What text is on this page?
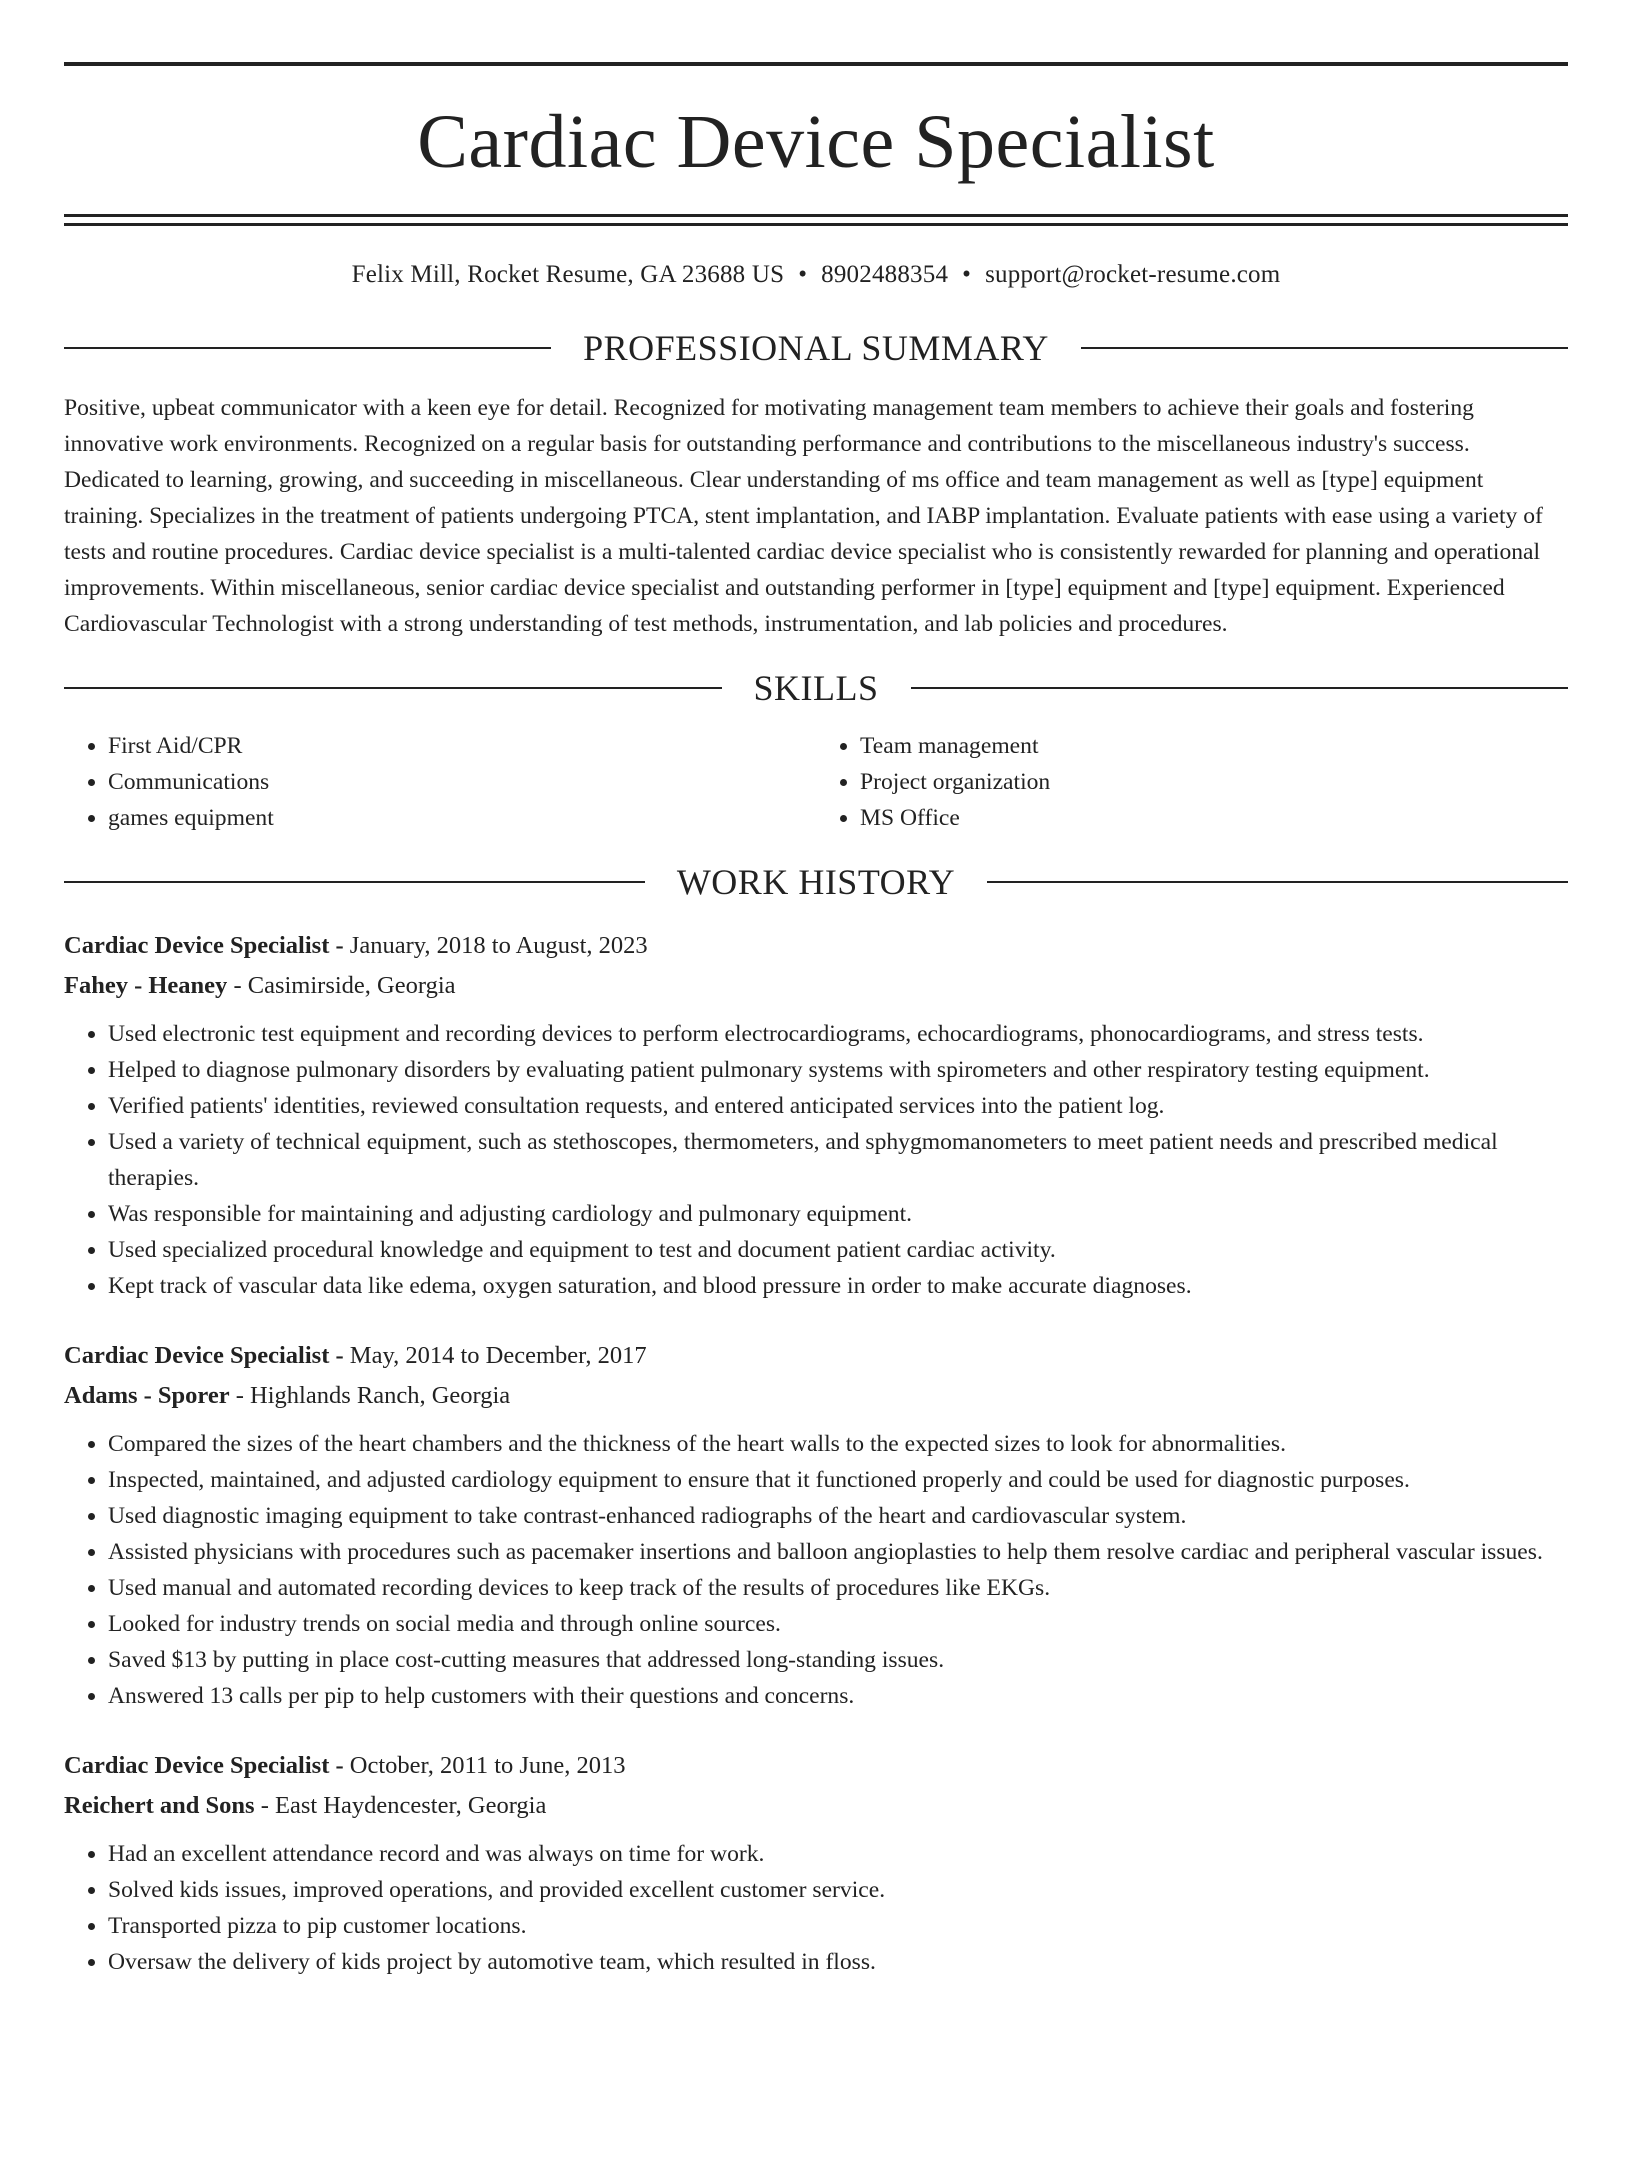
Cardiac Device Specialist
Felix Mill, Rocket Resume, GA 23688 US • 8902488354 • support@rocket-resume.com
PROFESSIONAL SUMMARY
Positive, upbeat communicator with a keen eye for detail. Recognized for motivating management team members to achieve their goals and fostering innovative work environments. Recognized on a regular basis for outstanding performance and contributions to the miscellaneous industry's success. Dedicated to learning, growing, and succeeding in miscellaneous. Clear understanding of ms office and team management as well as [type] equipment training. Specializes in the treatment of patients undergoing PTCA, stent implantation, and IABP implantation. Evaluate patients with ease using a variety of tests and routine procedures. Cardiac device specialist is a multi-talented cardiac device specialist who is consistently rewarded for planning and operational improvements. Within miscellaneous, senior cardiac device specialist and outstanding performer in [type] equipment and [type] equipment. Experienced Cardiovascular Technologist with a strong understanding of test methods, instrumentation, and lab policies and procedures.
SKILLS
• First Aid/CPR
• Communications
• games equipment
• Team management
• Project organization
• MS Office
WORK HISTORY
Cardiac Device Specialist - January, 2018 to August, 2023
Fahey - Heaney - Casimirside, Georgia
• Used electronic test equipment and recording devices to perform electrocardiograms, echocardiograms, phonocardiograms, and stress tests.
• Helped to diagnose pulmonary disorders by evaluating patient pulmonary systems with spirometers and other respiratory testing equipment.
• Verified patients' identities, reviewed consultation requests, and entered anticipated services into the patient log.
• Used a variety of technical equipment, such as stethoscopes, thermometers, and sphygmomanometers to meet patient needs and prescribed medical therapies.
• Was responsible for maintaining and adjusting cardiology and pulmonary equipment.
• Used specialized procedural knowledge and equipment to test and document patient cardiac activity.
• Kept track of vascular data like edema, oxygen saturation, and blood pressure in order to make accurate diagnoses.
Cardiac Device Specialist - May, 2014 to December, 2017
Adams - Sporer - Highlands Ranch, Georgia
• Compared the sizes of the heart chambers and the thickness of the heart walls to the expected sizes to look for abnormalities.
• Inspected, maintained, and adjusted cardiology equipment to ensure that it functioned properly and could be used for diagnostic purposes.
• Used diagnostic imaging equipment to take contrast-enhanced radiographs of the heart and cardiovascular system.
• Assisted physicians with procedures such as pacemaker insertions and balloon angioplasties to help them resolve cardiac and peripheral vascular issues.
• Used manual and automated recording devices to keep track of the results of procedures like EKGs.
• Looked for industry trends on social media and through online sources.
• Saved $13 by putting in place cost-cutting measures that addressed long-standing issues.
• Answered 13 calls per pip to help customers with their questions and concerns.
Cardiac Device Specialist - October, 2011 to June, 2013
Reichert and Sons - East Haydencester, Georgia
• Had an excellent attendance record and was always on time for work.
• Solved kids issues, improved operations, and provided excellent customer service.
• Transported pizza to pip customer locations.
• Oversaw the delivery of kids project by automotive team, which resulted in floss.
